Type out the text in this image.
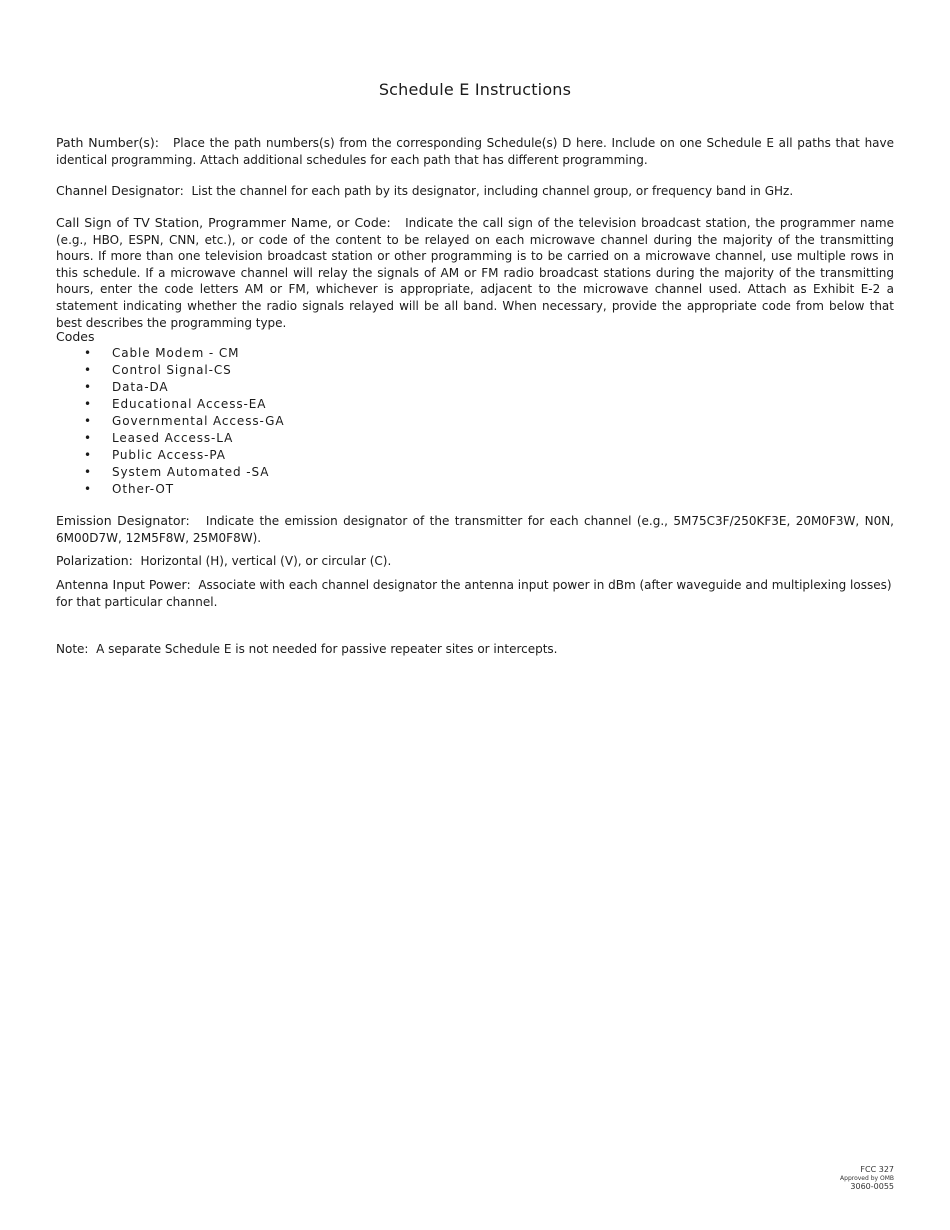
Schedule E Instructions

Path Number(s): Place the path numbers(s) from the corresponding Schedule(s) D here. Include on one Schedule E all paths that have identical programming. Attach additional schedules for each path that has different programming.

Channel Designator: List the channel for each path by its designator, including channel group, or frequency band in GHz.

Call Sign of TV Station, Programmer Name, or Code: Indicate the call sign of the television broadcast station, the programmer name (e.g., HBO, ESPN, CNN, etc.), or code of the content to be relayed on each microwave channel during the majority of the transmitting hours. If more than one television broadcast station or other programming is to be carried on a microwave channel, use multiple rows in this schedule. If a microwave channel will relay the signals of AM or FM radio broadcast stations during the majority of the transmitting hours, enter the code letters AM or FM, whichever is appropriate, adjacent to the microwave channel used. Attach as Exhibit E-2 a statement indicating whether the radio signals relayed will be all band. When necessary, provide the appropriate code from below that best describes the programming type.

Codes
• Cable Modem - CM
• Control Signal-CS
• Data-DA
• Educational Access-EA
• Governmental Access-GA
• Leased Access-LA
• Public Access-PA
• System Automated -SA
• Other-OT

Emission Designator: Indicate the emission designator of the transmitter for each channel (e.g., 5M75C3F/250KF3E, 20M0F3W, N0N, 6M00D7W, 12M5F8W, 25M0F8W).

Polarization: Horizontal (H), vertical (V), or circular (C).

Antenna Input Power: Associate with each channel designator the antenna input power in dBm (after waveguide and multiplexing losses) for that particular channel.

Note: A separate Schedule E is not needed for passive repeater sites or intercepts.

FCC 327
Approved by OMB
3060-0055
